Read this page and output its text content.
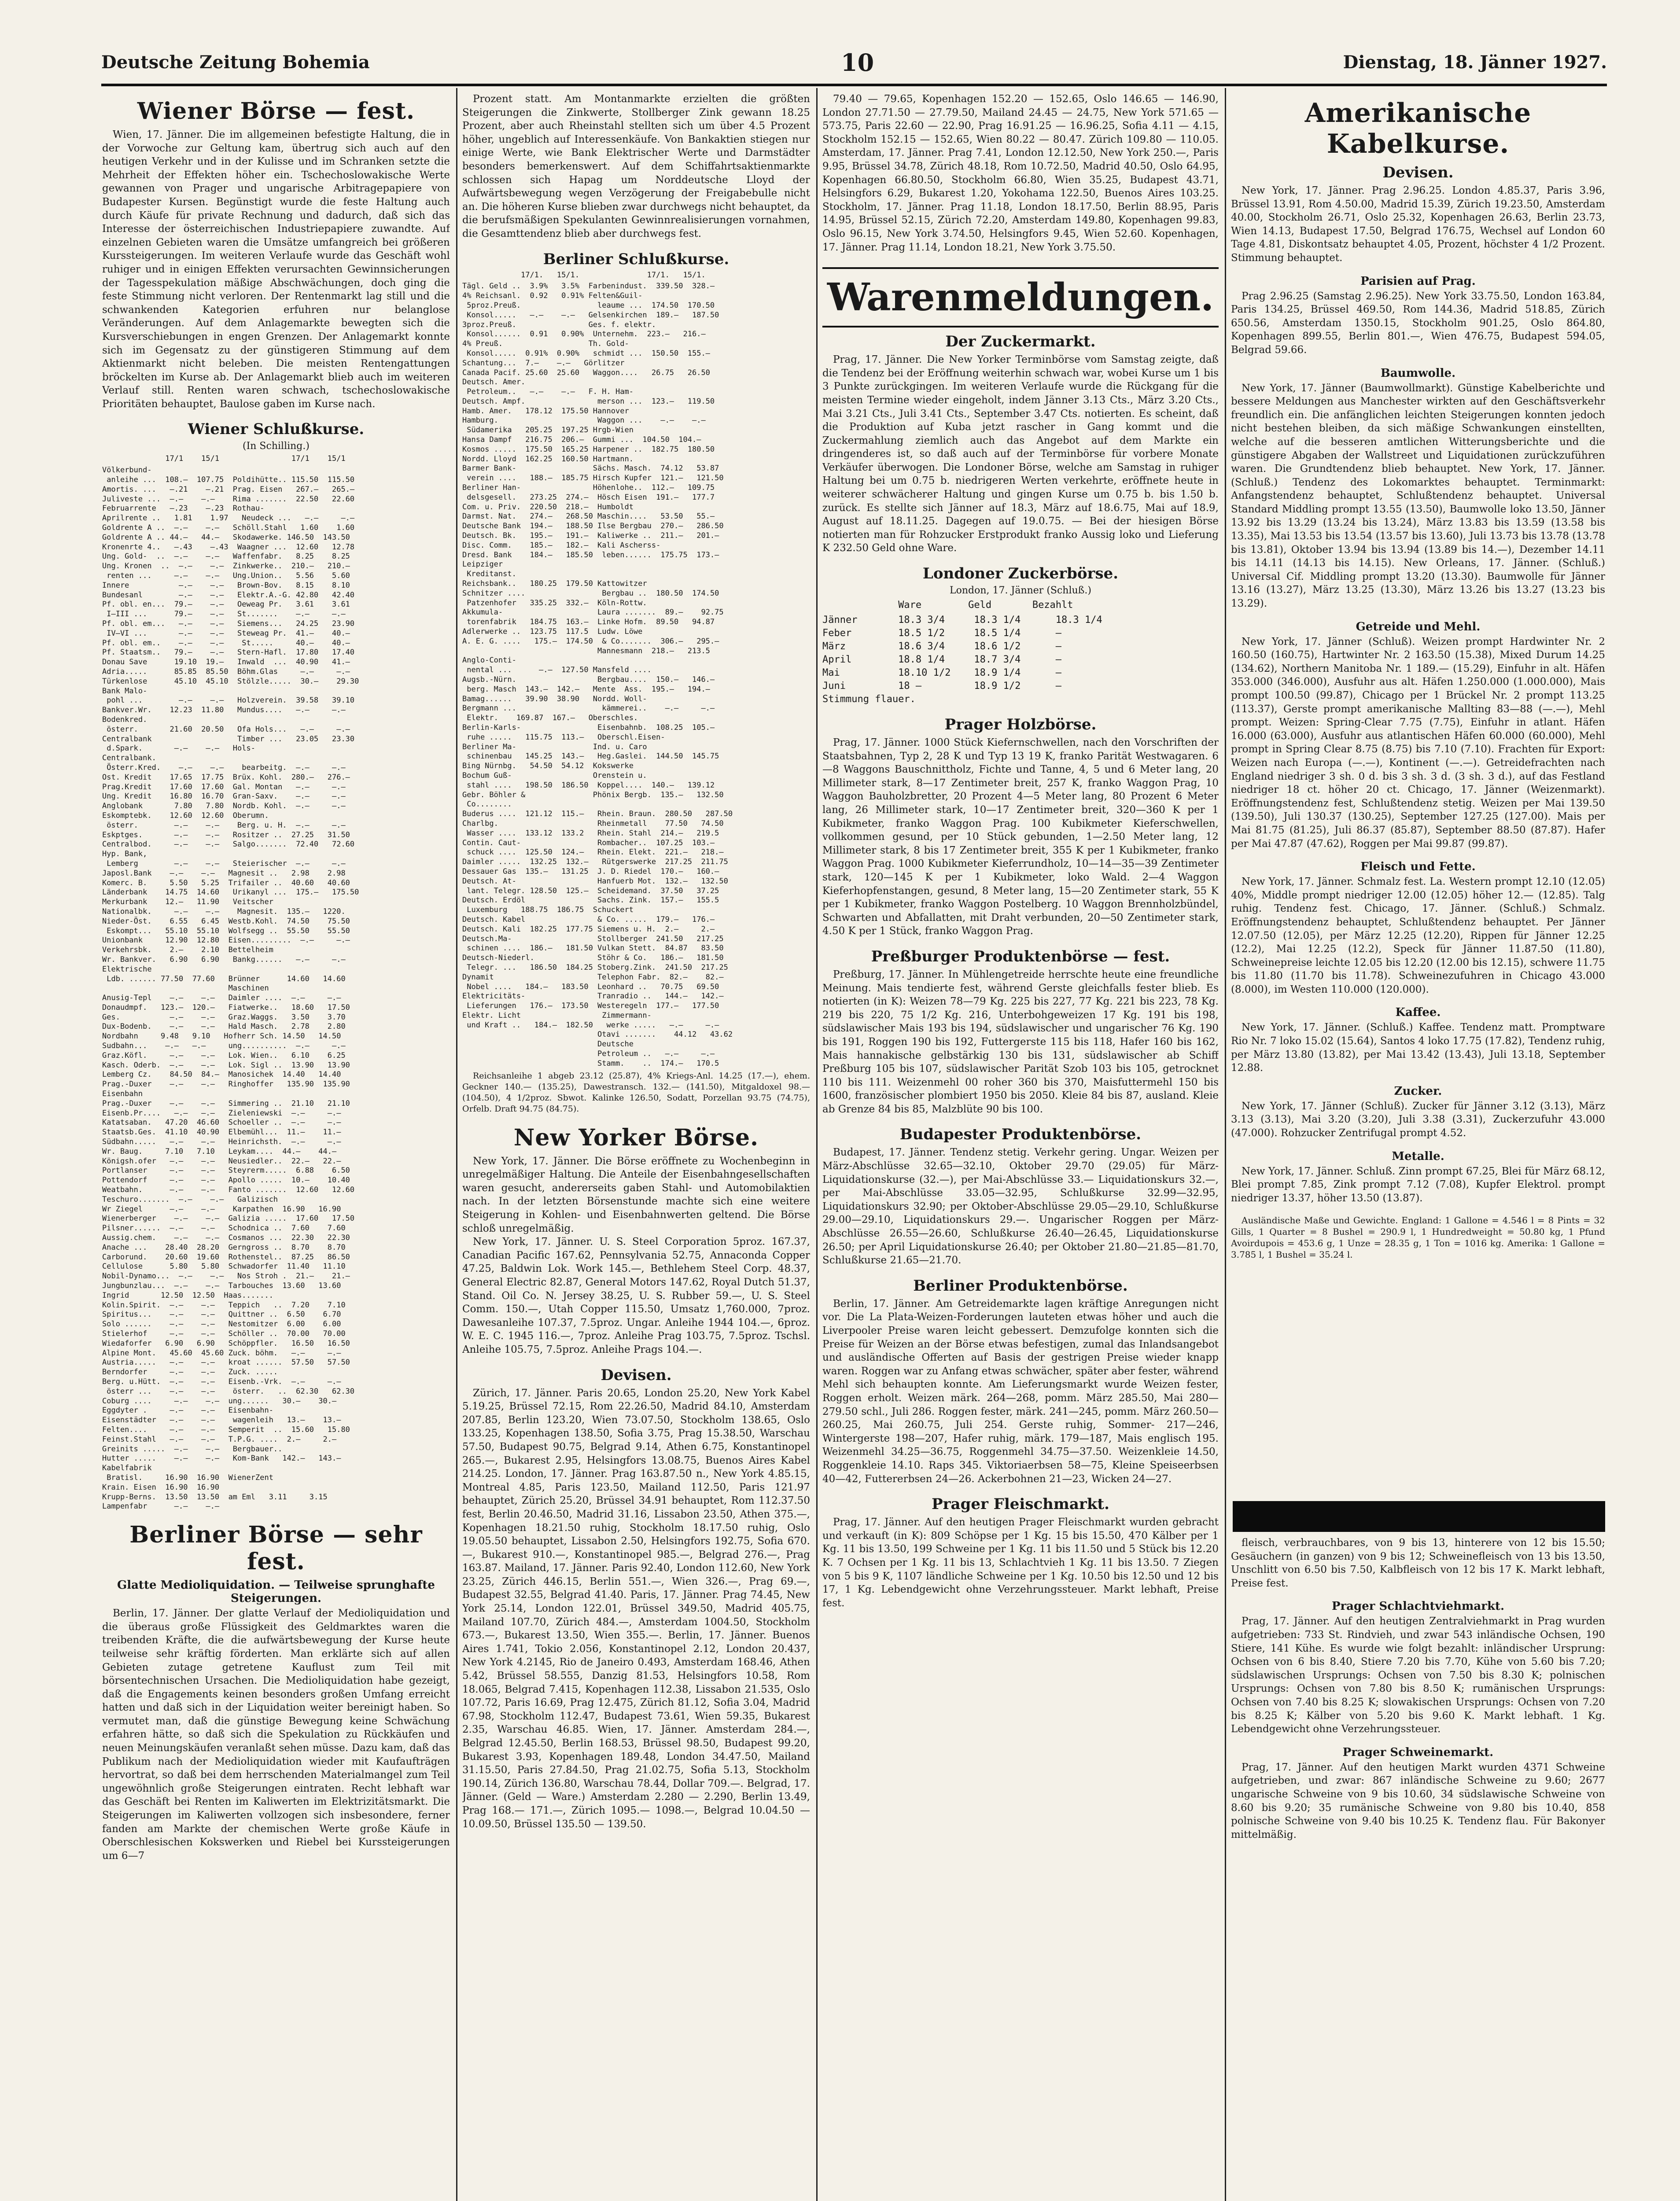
Deutsche Zeitung Bohemia	10	Dienstag, 18. Jänner 1927.
Wiener Börse — fest.

Wien, 17. Jänner. Die im allgemeinen befestigte Haltung, die in der Vorwoche zur Geltung kam, übertrug sich auch auf den heutigen Verkehr und in der Kulisse und im Schranken setzte die Mehrheit der Effekten höher ein. Tschechoslowakische Werte gewannen von Prager und ungarische Arbitragepapiere von Budapester Kursen. Begünstigt wurde die feste Haltung auch durch Käufe für private Rechnung und dadurch, daß sich das Interesse der österreichischen Industriepapiere zuwandte. Auf einzelnen Gebieten waren die Umsätze umfangreich bei größeren Kurssteigerungen. Im weiteren Verlaufe wurde das Geschäft wohl ruhiger und in einigen Effekten verursachten Gewinnsicherungen der Tagesspekulation mäßige Abschwächungen, doch ging die feste Stimmung nicht verloren. Der Rentenmarkt lag still und die schwankenden Kategorien erfuhren nur belanglose Veränderungen. Auf dem Anlagemarkte bewegten sich die Kursverschiebungen in engen Grenzen. Der Anlagemarkt konnte sich im Gegensatz zu der günstigeren Stimmung auf dem Aktienmarkt nicht beleben. Die meisten Rentengattungen bröckelten im Kurse ab. Der Anlagemarkt blieb auch im weiteren Verlauf still. Renten waren schwach, tschechoslowakische Prioritäten behauptet, Baulose gaben im Kurse nach.

Wiener Schlußkurse.
(In Schilling.)
17/1    15/1                17/1    15/1
Völkerbund-
anleihe ...  108.—  107.75  Poldihütte.. 115.50  115.50
Amortis. ...   —.21    —.21  Prag. Eisen   267.—   265.—
Juliveste ...  —.—    —.—    Rima .......  22.50   22.60
Februarrente   —.23    —.23  Rothau-
Aprilrente ..   1.81    1.97   Neudeck ...   —.—     —.—
Goldrente A ..  —.—    —.—   Schöll.Stahl   1.60    1.60
Goldrente A .. 44.—   44.—   Skodawerke. 146.50  143.50
Kronenrte 4..   —.43    —.43  Waagner ...  12.60   12.78
Ung. Gold-  ..  —.—    —.—   Waffenfabr.   8.25    8.25
Ung. Kronen  ..  —.—    —.—  Zinkwerke..  210.—   210.—
renten ...     —.—    —.—   Ung.Union..   5.56    5.60
Innere           —.—    —.—   Brown-Bov.   8.15    8.10
Bundesanl        —.—    —.—   Elektr.A.-G. 42.80   42.40
Pf. obl. en...  79.—    —.—   Oeweag Pr.   3.61    3.61
I—III ...      79.—    —.—   St.......    —.—     —.—
Pf. obl. em...   —.—    —.—   Siemens...   24.25   23.90
IV—VI ...       —.—    —.—   Steweag Pr.  41.—    40.—
Pf. obl. em..    —.—    —.—    St.....     40.—    40.—
Pf. Staatsm..   79.—    —.—   Stern-Hafl.  17.80   17.40
Donau Save      19.10  19.—   Inwald  ...  40.90   41.—
Adria.....      85.85  85.50  Böhm.Glas     —.—     —.—
Türkenlose      45.10  45.10  Stölzle.....  30.—    29.30
Bank Malo-
pohl ...        —.—    —.—   Holzverein.  39.58   39.10
Bankver.Wr.    12.23  11.80   Mundus....   —.—     —.—
Bodenkred.
österr.       21.60  20.50   Ofa Hols...   —.—     —.—
Centralbank                   Timber ...   23.05   23.30
d.Spark.       —.—    —.—   Hols-
Centralbank.
Österr.Kred.    —.—    —.—    bearbeitg.  —.—     —.—
Ost. Kredit    17.65  17.75  Brüx. Kohl.  280.—   276.—
Prag.Kredit    17.60  17.60  Gal. Montan   —.—     —.—
Ung. Kredit    16.80  16.70  Gran-Saxv.    —.—     —.—
Anglobank       7.80   7.80  Nordb. Kohl.  —.—     —.—
Eskomptebk.    12.60  12.60  Oberumn.
österr.        —.—    —.—    Berg. u. H.  —.—     —.—
Eskptges.       —.—    —.—   Rositzer ..  27.25   31.50
Centralbod.     —.—    —.—   Salgo.......  72.40   72.60
Hyp. Bank,
Lemberg        —.—    —.—   Steierischer  —.—     —.—
Japosl.Bank    —.—    —.—   Magnesit ..   2.98    2.98
Komerc. B.     5.50   5.25  Trifailer ..  40.60   40.60
Länderbank    14.75  14.60   Urikanyl ...  175.—   175.50
Merkurbank    12.—   11.90   Veitscher
Nationalbk.     —.—    —.—    Magnesit.  135.—   1220.
Nieder-Öst.    6.55   6.45  Westb.Kohl.  74.50    75.50
Eskompt...   55.10  55.10  Wolfsegg ..  55.50    55.50
Unionbank     12.90  12.80  Eisen.........  —.—     —.—
Verkehrsbk.    2.—    2.10  Bettelheim
Wr. Bankver.   6.90   6.90   Bankg......   —.—     —.—
Elektrische
Ldb. ...... 77.50  77.60   Brünner      14.60   14.60
Maschinen
Anusig-Tepl    —.—    —.—   Daimler ....  —.—     —.—
Donaudmpf.   123.—  120.—   Fiatwerke..   18.60   17.50
Ges.           —.—    —.—   Graz.Waggs.   3.50    3.70
Dux-Bodenb.    —.—    —.—   Hald Masch.   2.78    2.80
Nordbahn     9.48   9.10   Hofherr Sch. 14.50   14.50
Sudbahn...    —.—   —.—     ung..........  —.—     —.—
Graz.Köfl.     —.—    —.—   Lok. Wien..   6.10    6.25
Kasch. Oderb.  —.—    —.—   Lok. Sigl ..  13.90   13.90
Lemberg Cz.    84.50  84.—  Manosichek  14.40   14.40
Prag.-Duxer    —.—    —.—   Ringhoffer   135.90  135.90
Eisenbahn
Prag.-Duxer    —.—    —.—   Simmering ..  21.10   21.10
Eisenb.Pr....   —.—   —.—   Zieleniewski  —.—     —.—
Katatsaban.   47.20  46.60  Schoeller ..  —.—     —.—
Staatsb.Ges.  41.10  40.90  Elbemühl...  11.—    11.—
Südbahn.....   —.—    —.—   Heinrichsth.  —.—     —.—
Wr. Baug.     7.10   7.10   Leykam....  44.—    44.—
Königsh.ofer   —.—    —.—   Neusiedler..  22.—   22.—
Portlanser     —.—    —.—   Steyrerm.....  6.88    6.50
Pottendorf     —.—    —.—   Apollo .....  10.—    10.40
Weatbahn.      —.—    —.—   Fanto .......  12.60   12.60
Teschuro.......  —.—    —.—   Galizisch
Wr Ziegel      —.—    —.—    Karpathen  16.90   16.90
Wienerberger    —.—    —.—  Galizia .....  17.60   17.50
Pilsner......  —.—    —.—   Schodnica ..  7.60    7.60
Aussig.chem.    —.—    —.—  Cosmanos ...  22.30   22.30
Anache ...    28.40  28.20  Gerngross ..  8.70    8.70
Carborund.    20.60  19.60  Rothenstel..  87.25   86.50
Cellulose      5.80   5.80  Schwadorfer  11.40   11.10
Nobil-Dynamo...  —.—    —.—   Nos Stroh .  21.—    21.—
Jungbunzlau...  —.—    —.—  Tarbouches  13.60   13.60
Ingrid       12.50  12.50  Haas.......
Kolin.Spirit.  —.—    —.—   Teppich   ..  7.20    7.10
Spiritus...    —.—    —.—   Quittner ..  6.50    6.70
Solo ......    —.—    —.—   Nestomitzer  6.00    6.00
Stielerhof     —.—    —.—   Schöller ..  70.00   70.00
Wiedaforfer   6.90   6.90   Schöppfler.   16.50   16.50
Alpine Mont.   45.60  45.60 Zuck. böhm.   —.—     —.—
Austria.....   —.—    —.—   kroat ......  57.50   57.50
Berndorfer     —.—    —.—   Zuck. .....
Berg. u.Hütt.  —.—    —.—   Eisenb.-Vrk.  —.—     —.—
österr ...    —.—    —.—    österr.   ..  62.30   62.30
Coburg ....     —.—    —.—  ung......   30.—    30.—
Eggdyter .     —.—    —.—   Eisenbahn-
Eisenstädter   —.—    —.—    wagenleih   13.—    13.—
Felten....     —.—    —.—   Semperit  ..  15.60   15.80
Feinst.Stahl   —.—    —.—   T.P.G. ....  2.—     2.—
Greinits .....  —.—    —.—   Bergbauer..
Hutter .....    —.—    —.—   Kom-Bank   142.—   143.—
Kabelfabrik
Bratisl.     16.90  16.90  WienerZent
Krain. Eisen  16.90  16.90
Krupp-Berns.  13.50  13.50  am Eml   3.11     3.15
Lampenfabr      —.—    —.—
Berliner Börse — sehr fest.
Glatte Medioliquidation. — Teilweise sprunghafte Steigerungen.

Berlin, 17. Jänner. Der glatte Verlauf der Medioliquidation und die überaus große Flüssigkeit des Geldmarktes waren die treibenden Kräfte, die die aufwärtsbewegung der Kurse heute teilweise sehr kräftig förderten. Man erklärte sich auf allen Gebieten zutage getretene Kauflust zum Teil mit börsentechnischen Ursachen. Die Medioliquidation habe gezeigt, daß die Engagements keinen besonders großen Umfang erreicht hatten und daß sich in der Liquidation weiter bereinigt haben. So vermutet man, daß die günstige Bewegung keine Schwächung erfahren hätte, so daß sich die Spekulation zu Rückkäufen und neuen Meinungskäufen veranlaßt sehen müsse. Dazu kam, daß das Publikum nach der Medioliquidation wieder mit Kaufaufträgen hervortrat, so daß bei dem herrschenden Materialmangel zum Teil ungewöhnlich große Steigerungen eintraten. Recht lebhaft war das Geschäft bei Renten im Kaliwerten im Elektrizitätsmarkt. Die Steigerungen im Kaliwerten vollzogen sich insbesondere, ferner fanden am Markte der chemischen Werte große Käufe in Oberschlesischen Kokswerken und Riebel bei Kurssteigerungen um 6—7

Prozent statt. Am Montanmarkte erzielten die größten Steigerungen die Zinkwerte, Stollberger Zink gewann 18.25 Prozent, aber auch Rheinstahl stellten sich um über 4.5 Prozent höher, ungeblich auf Interessenkäufe. Von Bankaktien stiegen nur einige Werte, wie Bank Elektrischer Werte und Darmstädter besonders bemerkenswert. Auf dem Schiffahrtsaktienmarkte schlossen sich Hapag um Norddeutsche Lloyd der Aufwärtsbewegung wegen Verzögerung der Freigabebulle nicht an. Die höheren Kurse blieben zwar durchwegs nicht behauptet, da die berufsmäßigen Spekulanten Gewinnrealisierungen vornahmen, die Gesamttendenz blieb aber durchwegs fest.

Berliner Schlußkurse.
17/1.   15/1.               17/1.   15/1.
Tägl. Geld ..  3.9%   3.5%  Farbenindust.  339.50  328.—
4% Reichsanl.  0.92   0.91% Felten&Guil-
5proz.Preuß.                 leaume ...  174.50  170.50
Konsol.....   —.—    —.—   Gelsenkirchen  189.—   187.50
3proz.Preuß.                Ges. f. elektr.
Konsol......  0.91   0.90%  Unternehm.  223.—   216.—
4% Preuß.                   Th. Gold-
Konsol.....  0.91%  0.90%   schmidt ...  150.50  155.—
Schantung...  7.—    —.—   Görlitzer
Canada Pacif. 25.60  25.60   Waggon....   26.75   26.50
Deutsch. Amer.
Petroleum..   —.—    —.—   F. H. Ham-
Deutsch. Ampf.                merson ...  123.—   119.50
Hamb. Amer.   178.12  175.50 Hannover
Hamburg.                      Waggon ...    —.—    —.—
Südamerika   205.25  197.25 Hrgb-Wien
Hansa Dampf   216.75  206.—  Gummi ...  104.50  104.—
Kosmos .....  175.50  165.25 Harpener ..  182.75  180.50
Nordd. Lloyd  162.25  160.50 Hartmann.
Barmer Bank-                 Sächs. Masch.  74.12   53.87
verein ....   188.—  185.75 Hirsch Kupfer  121.—   121.50
Berliner Han-                Höhenlohe..  112.—   109.75
delsgesell.   273.25  274.—  Hösch Eisen  191.—   177.7
Com. u. Priv.  220.50  218.—  Humboldt
Darmst. Nat.   274.—   268.50 Maschin....   53.50   55.—
Deutsche Bank  194.—   188.50 Ilse Bergbau  270.—   286.50
Deutsch. Bk.   195.—   191.—  Kaliwerke ..  211.—   201.—
Disc. Comm.    185.—   182.—  Kali Ascherss-
Dresd. Bank    184.—   185.50  leben......  175.75  173.—
Leipziger
Kreditanst.
Reichsbank..   180.25  179.50 Kattowitzer
Schnitzer ....                 Bergbau ..  180.50  174.50
Patzenhofer   335.25  332.—  Köln-Rottw.
Akkumula-                     Laura .......  89.—    92.75
torenfabrik   184.75  163.—  Linke Hofm.  89.50   94.87
Adlerwerke ..  123.75  117.5  Ludw. Löwe
A. E. G. ....   175.—  174.50  & Co.......  306.—   295.—
Mannesmann  218.—   213.5
Anglo-Conti-
nental ...      —.—  127.50 Mansfeld ....
Augsb.-Nürn.                  Bergbau....  150.—   146.—
berg. Masch  143.—  142.—   Mente  Ass.  195.—   194.—
Bamag......   39.90  38.90   Nordd. Woll-
Bergmann ...                   kämmerei..    —.—     —.—
Elektr.    169.87  167.—   Oberschles.
Berlin-Karls-                 Eisenbahnb.  108.25  105.—
ruhe .....   115.75  113.—   Oberschl.Eisen-
Berliner Ma-                 Ind. u. Caro
schinenbau   145.25  143.—   Heg.Gaslei.  144.50  145.75
Bing Nürnbg.   54.50  54.12  Kokswerke
Bochum Guß-                  Orenstein u.
stahl ....   198.50  186.50  Koppel....  140.—   139.12
Gebr. Böhler &               Phönix Bergb.  135.—   132.50
Co........
Buderus ....  121.12  115.—   Rhein. Braun.  280.50   287.50
Charlbg.                      Rheinmetall    77.50   74.50
Wasser ....  133.12  133.2   Rhein. Stahl  214.—   219.5
Contin. Caut-                 Rombacher..  107.25  103.—
schuck ....  125.50  124.—   Rhein. Elekt.  221.—   218.—
Daimler .....  132.25  132.—   Rütgerswerke  217.25  211.75
Dessauer Gas  135.—   131.25  J. D. Riedel  170.—   160.—
Deutsch. At-                  Hanfuerb Mot.  132.—   132.50
lant. Telegr. 128.50  125.—  Scheidemand.  37.50   37.25
Deutsch. Erdöl                Sachs. Zink.  157.—   155.5
Luxemburg   188.75  186.75  Schuckert
Deutsch. Kabel                & Co. .....  179.—   176.—
Deutsch. Kali  182.25  177.75 Siemens u. H.  2.—     2.—
Deutsch.Ma-                   Stollberger  241.50   217.25
schinen ....  186.—   181.50 Vulkan Stett.  84.87   83.50
Deutsch-Niederl.              Stöhr & Co.   186.—   181.50
Telegr. ...   186.50  184.25 Stoberg.Zink.  241.50  217.25
Dynamit                       Telephon Fabr.  82.—    82.—
Nobel ....   184.—   183.50  Leonhard ..   70.75   69.50
Elektricitäts-                Tranradio ..   144.—   142.—
Lieferungen   176.—  173.50  Westeregeln  177.—   177.50
Elektr. Licht                  Zimmermann-
und Kraft ..   184.—  182.50   werke .....   —.—     —.—
Otavi .......    44.12   43.62
Deutsche
Petroleum ..   —.—     —.—
Stamm.    ..  174.—   170.5

Reichsanleihe 1 abgeb 23.12 (25.87), 4% Kriegs-Anl. 14.25 (17.—), ehem. Geckner 140.— (135.25), Dawestransch. 132.— (141.50), Mitgaldoxel 98.— (104.50), 4 1/2proz. Sbwot. Kalinke 126.50, Sodatt, Porzellan 93.75 (74.75), Orfelb. Draft 94.75 (84.75).

New Yorker Börse.

New York, 17. Jänner. Die Börse eröffnete zu Wochenbeginn in unregelmäßiger Haltung. Die Anteile der Eisenbahngesellschaften waren gesucht, andererseits gaben Stahl- und Automobilaktien nach. In der letzten Börsenstunde machte sich eine weitere Steigerung in Kohlen- und Eisenbahnwerten geltend. Die Börse schloß unregelmäßig.

New York, 17. Jänner. U. S. Steel Corporation 5proz. 167.37, Canadian Pacific 167.62, Pennsylvania 52.75, Annaconda Copper 47.25, Baldwin Lok. Work 145.—, Bethlehem Steel Corp. 48.37, General Electric 82.87, General Motors 147.62, Royal Dutch 51.37, Stand. Oil Co. N. Jersey 38.25, U. S. Rubber 59.—, U. S. Steel Comm. 150.—, Utah Copper 115.50, Umsatz 1,760.000, 7proz. Dawesanleihe 107.37, 7.5proz. Ungar. Anleihe 1944 104.—, 6proz. W. E. C. 1945 116.—, 7proz. Anleihe Prag 103.75, 7.5proz. Tschsl. Anleihe 105.75, 7.5proz. Anleihe Prags 104.—.

Devisen.

Zürich, 17. Jänner. Paris 20.65, London 25.20, New York Kabel 5.19.25, Brüssel 72.15, Rom 22.26.50, Madrid 84.10, Amsterdam 207.85, Berlin 123.20, Wien 73.07.50, Stockholm 138.65, Oslo 133.25, Kopenhagen 138.50, Sofia 3.75, Prag 15.38.50, Warschau 57.50, Budapest 90.75, Belgrad 9.14, Athen 6.75, Konstantinopel 265.—, Bukarest 2.95, Helsingfors 13.08.75, Buenos Aires Kabel 214.25. London, 17. Jänner. Prag 163.87.50 n., New York 4.85.15, Montreal 4.85, Paris 123.50, Mailand 112.50, Paris 121.97 behauptet, Zürich 25.20, Brüssel 34.91 behauptet, Rom 112.37.50 fest, Berlin 20.46.50, Madrid 31.16, Lissabon 23.50, Athen 375.—, Kopenhagen 18.21.50 ruhig, Stockholm 18.17.50 ruhig, Oslo 19.05.50 behauptet, Lissabon 2.50, Helsingfors 192.75, Sofia 670.—, Bukarest 910.—, Konstantinopel 985.—, Belgrad 276.—, Prag 163.87. Mailand, 17. Jänner. Paris 92.40, London 112.60, New York 23.25, Zürich 446.15, Berlin 551.—, Wien 326.—, Prag 69.—, Budapest 32.55, Belgrad 41.40. Paris, 17. Jänner. Prag 74.45, New York 25.14, London 122.01, Brüssel 349.50, Madrid 405.75, Mailand 107.70, Zürich 484.—, Amsterdam 1004.50, Stockholm 673.—, Bukarest 13.50, Wien 355.—. Berlin, 17. Jänner. Buenos Aires 1.741, Tokio 2.056, Konstantinopel 2.12, London 20.437, New York 4.2145, Rio de Janeiro 0.493, Amsterdam 168.46, Athen 5.42, Brüssel 58.555, Danzig 81.53, Helsingfors 10.58, Rom 18.065, Belgrad 7.415, Kopenhagen 112.38, Lissabon 21.535, Oslo 107.72, Paris 16.69, Prag 12.475, Zürich 81.12, Sofia 3.04, Madrid 67.98, Stockholm 112.47, Budapest 73.61, Wien 59.35, Bukarest 2.35, Warschau 46.85. Wien, 17. Jänner. Amsterdam 284.—, Belgrad 12.45.50, Berlin 168.53, Brüssel 98.50, Budapest 99.20, Bukarest 3.93, Kopenhagen 189.48, London 34.47.50, Mailand 31.15.50, Paris 27.84.50, Prag 21.02.75, Sofia 5.13, Stockholm 190.14, Zürich 136.80, Warschau 78.44, Dollar 709.—. Belgrad, 17. Jänner. (Geld — Ware.) Amsterdam 2.280 — 2.290, Berlin 13.49, Prag 168.— 171.—, Zürich 1095.— 1098.—, Belgrad 10.04.50 — 10.09.50, Brüssel 135.50 — 139.50.

79.40 — 79.65, Kopenhagen 152.20 — 152.65, Oslo 146.65 — 146.90, London 27.71.50 — 27.79.50, Mailand 24.45 — 24.75, New York 571.65 — 573.75, Paris 22.60 — 22.90, Prag 16.91.25 — 16.96.25, Sofia 4.11 — 4.15, Stockholm 152.15 — 152.65, Wien 80.22 — 80.47. Zürich 109.80 — 110.05. Amsterdam, 17. Jänner. Prag 7.41, London 12.12.50, New York 250.—, Paris 9.95, Brüssel 34.78, Zürich 48.18, Rom 10.72.50, Madrid 40.50, Oslo 64.95, Kopenhagen 66.80.50, Stockholm 66.80, Wien 35.25, Budapest 43.71, Helsingfors 6.29, Bukarest 1.20, Yokohama 122.50, Buenos Aires 103.25. Stockholm, 17. Jänner. Prag 11.18, London 18.17.50, Berlin 88.95, Paris 14.95, Brüssel 52.15, Zürich 72.20, Amsterdam 149.80, Kopenhagen 99.83, Oslo 96.15, New York 3.74.50, Helsingfors 9.45, Wien 52.60. Kopenhagen, 17. Jänner. Prag 11.14, London 18.21, New York 3.75.50.

Warenmeldungen.
Der Zuckermarkt.

Prag, 17. Jänner. Die New Yorker Terminbörse vom Samstag zeigte, daß die Tendenz bei der Eröffnung weiterhin schwach war, wobei Kurse um 1 bis 3 Punkte zurückgingen. Im weiteren Verlaufe wurde die Rückgang für die meisten Termine wieder eingeholt, indem Jänner 3.13 Cts., März 3.20 Cts., Mai 3.21 Cts., Juli 3.41 Cts., September 3.47 Cts. notierten. Es scheint, daß die Produktion auf Kuba jetzt rascher in Gang kommt und die Zuckermahlung ziemlich auch das Angebot auf dem Markte ein dringenderes ist, so daß auch auf der Terminbörse für vorbere Monate Verkäufer überwogen. Die Londoner Börse, welche am Samstag in ruhiger Haltung bei um 0.75 b. niedrigeren Werten verkehrte, eröffnete heute in weiterer schwächerer Haltung und gingen Kurse um 0.75 b. bis 1.50 b. zurück. Es stellte sich Jänner auf 18.3, März auf 18.6.75, Mai auf 18.9, August auf 18.11.25. Dagegen auf 19.0.75. — Bei der hiesigen Börse notierten man für Rohzucker Erstprodukt franko Aussig loko und Lieferung K 232.50 Geld ohne Ware.

Londoner Zuckerbörse.
London, 17. Jänner (Schluß.)
Ware        Geld       Bezahlt
Jänner       18.3 3/4     18.3 1/4      18.3 1/4
Feber        18.5 1/2     18.5 1/4      —
März         18.6 3/4     18.6 1/2      —
April        18.8 1/4     18.7 3/4      —
Mai          18.10 1/2    18.9 1/4      —
Juni         18 —         18.9 1/2      —
Stimmung flauer.
Prager Holzbörse.

Prag, 17. Jänner. 1000 Stück Kiefernschwellen, nach den Vorschriften der Staatsbahnen, Typ 2, 28 K und Typ 13 19 K, franko Parität Westwagaren. 6—8 Waggons Bauschnittholz, Fichte und Tanne, 4, 5 und 6 Meter lang, 20 Millimeter stark, 8—17 Zentimeter breit, 257 K, franko Waggon Prag, 10 Waggon Bauholzbretter, 20 Prozent 4—5 Meter lang, 80 Prozent 6 Meter lang, 26 Millimeter stark, 10—17 Zentimeter breit, 320—360 K per 1 Kubikmeter, franko Waggon Prag. 100 Kubikmeter Kieferschwellen, vollkommen gesund, per 10 Stück gebunden, 1—2.50 Meter lang, 12 Millimeter stark, 8 bis 17 Zentimeter breit, 355 K per 1 Kubikmeter, franko Waggon Prag. 1000 Kubikmeter Kieferrundholz, 10—14—35—39 Zentimeter stark, 120—145 K per 1 Kubikmeter, loko Wald. 2—4 Waggon Kieferhopfenstangen, gesund, 8 Meter lang, 15—20 Zentimeter stark, 55 K per 1 Kubikmeter, franko Waggon Postelberg. 10 Waggon Brennholzbündel, Schwarten und Abfallatten, mit Draht verbunden, 20—50 Zentimeter stark, 4.50 K per 1 Stück, franko Waggon Prag.

Preßburger Produktenbörse — fest.

Preßburg, 17. Jänner. In Mühlengetreide herrschte heute eine freundliche Meinung. Mais tendierte fest, während Gerste gleichfalls fester blieb. Es notierten (in K): Weizen 78—79 Kg. 225 bis 227, 77 Kg. 221 bis 223, 78 Kg. 219 bis 220, 75 1/2 Kg. 216, Unterbohgeweizen 17 Kg. 191 bis 198, südslawischer Mais 193 bis 194, südslawischer und ungarischer 76 Kg. 190 bis 191, Roggen 190 bis 192, Futtergerste 115 bis 118, Hafer 160 bis 162, Mais hannakische gelbstärkig 130 bis 131, südslawischer ab Schiff Preßburg 105 bis 107, südslawischer Parität Szob 103 bis 105, getrocknet 110 bis 111. Weizenmehl 00 roher 360 bis 370, Maisfuttermehl 150 bis 1600, französischer plombiert 1950 bis 2050. Kleie 84 bis 87, ausland. Kleie ab Grenze 84 bis 85, Malzblüte 90 bis 100.

Budapester Produktenbörse.

Budapest, 17. Jänner. Tendenz stetig. Verkehr gering. Ungar. Weizen per März-Abschlüsse 32.65—32.10, Oktober 29.70 (29.05) für März-Liquidationskurse (32.—), per Mai-Abschlüsse 33.— Liquidationskurs 32.—, per Mai-Abschlüsse 33.05—32.95, Schlußkurse 32.99—32.95, Liquidationskurs 32.90; per Oktober-Abschlüsse 29.05—29.10, Schlußkurse 29.00—29.10, Liquidationskurs 29.—. Ungarischer Roggen per März-Abschlüsse 26.55—26.60, Schlußkurse 26.40—26.45, Liquidationskurse 26.50; per April Liquidationskurse 26.40; per Oktober 21.80—21.85—81.70, Schlußkurse 21.65—21.70.

Berliner Produktenbörse.

Berlin, 17. Jänner. Am Getreidemarkte lagen kräftige Anregungen nicht vor. Die La Plata-Weizen-Forderungen lauteten etwas höher und auch die Liverpooler Preise waren leicht gebessert. Demzufolge konnten sich die Preise für Weizen an der Börse etwas befestigen, zumal das Inlandsangebot und ausländische Offerten auf Basis der gestrigen Preise wieder knapp waren. Roggen war zu Anfang etwas schwächer, später aber fester, während Mehl sich behaupten konnte. Am Lieferungsmarkt wurde Weizen fester, Roggen erholt. Weizen märk. 264—268, pomm. März 285.50, Mai 280—279.50 schl., Juli 286. Roggen fester, märk. 241—245, pomm. März 260.50—260.25, Mai 260.75, Juli 254. Gerste ruhig, Sommer- 217—246, Wintergerste 198—207, Hafer ruhig, märk. 179—187, Mais englisch 195. Weizenmehl 34.25—36.75, Roggenmehl 34.75—37.50. Weizenkleie 14.50, Roggenkleie 14.10. Raps 345. Viktoriaerbsen 58—75, Kleine Speiseerbsen 40—42, Futtererbsen 24—26. Ackerbohnen 21—23, Wicken 24—27.

Prager Fleischmarkt.

Prag, 17. Jänner. Auf den heutigen Prager Fleischmarkt wurden gebracht und verkauft (in K): 809 Schöpse per 1 Kg. 15 bis 15.50, 470 Kälber per 1 Kg. 11 bis 13.50, 199 Schweine per 1 Kg. 11 bis 11.50 und 5 Stück bis 12.20 K. 7 Ochsen per 1 Kg. 11 bis 13, Schlachtvieh 1 Kg. 11 bis 13.50. 7 Ziegen von 5 bis 9 K, 1107 ländliche Schweine per 1 Kg. 10.50 bis 12.50 und 12 bis 17, 1 Kg. Lebendgewicht ohne Verzehrungssteuer. Markt lebhaft, Preise fest.

Amerikanische Kabelkurse.
Devisen.

New York, 17. Jänner. Prag 2.96.25. London 4.85.37, Paris 3.96, Brüssel 13.91, Rom 4.50.00, Madrid 15.39, Zürich 19.23.50, Amsterdam 40.00, Stockholm 26.71, Oslo 25.32, Kopenhagen 26.63, Berlin 23.73, Wien 14.13, Budapest 17.50, Belgrad 176.75, Wechsel auf London 60 Tage 4.81, Diskontsatz behauptet 4.05, Prozent, höchster 4 1/2 Prozent. Stimmung behauptet.

Parisien auf Prag.

Prag 2.96.25 (Samstag 2.96.25). New York 33.75.50, London 163.84, Paris 134.25, Brüssel 469.50, Rom 144.36, Madrid 518.85, Zürich 650.56, Amsterdam 1350.15, Stockholm 901.25, Oslo 864.80, Kopenhagen 899.55, Berlin 801.—, Wien 476.75, Budapest 594.05, Belgrad 59.66.

Baumwolle.

New York, 17. Jänner (Baumwollmarkt). Günstige Kabelberichte und bessere Meldungen aus Manchester wirkten auf den Geschäftsverkehr freundlich ein. Die anfänglichen leichten Steigerungen konnten jedoch nicht bestehen bleiben, da sich mäßige Schwankungen einstellten, welche auf die besseren amtlichen Witterungsberichte und die günstigere Abgaben der Wallstreet und Liquidationen zurückzuführen waren. Die Grundtendenz blieb behauptet. New York, 17. Jänner. (Schluß.) Tendenz des Lokomarktes behauptet. Terminmarkt: Anfangstendenz behauptet, Schlußtendenz behauptet. Universal Standard Middling prompt 13.55 (13.50), Baumwolle loko 13.50, Jänner 13.92 bis 13.29 (13.24 bis 13.24), März 13.83 bis 13.59 (13.58 bis 13.35), Mai 13.53 bis 13.54 (13.57 bis 13.60), Juli 13.73 bis 13.78 (13.78 bis 13.81), Oktober 13.94 bis 13.94 (13.89 bis 14.—), Dezember 14.11 bis 14.11 (14.13 bis 14.15). New Orleans, 17. Jänner. (Schluß.) Universal Cif. Middling prompt 13.20 (13.30). Baumwolle für Jänner 13.16 (13.27), März 13.25 (13.30), März 13.26 bis 13.27 (13.23 bis 13.29).

Getreide und Mehl.

New York, 17. Jänner (Schluß). Weizen prompt Hardwinter Nr. 2 160.50 (160.75), Hartwinter Nr. 2 163.50 (15.38), Mixed Durum 14.25 (134.62), Northern Manitoba Nr. 1 189.— (15.29), Einfuhr in alt. Häfen 353.000 (346.000), Ausfuhr aus alt. Häfen 1.250.000 (1.000.000), Mais prompt 100.50 (99.87), Chicago per 1 Brückel Nr. 2 prompt 113.25 (113.37), Gerste prompt amerikanische Mallting 83—88 (—.—), Mehl prompt. Weizen: Spring-Clear 7.75 (7.75), Einfuhr in atlant. Häfen 16.000 (63.000), Ausfuhr aus atlantischen Häfen 60.000 (60.000), Mehl prompt in Spring Clear 8.75 (8.75) bis 7.10 (7.10). Frachten für Export: Weizen nach Europa (—.—), Kontinent (—.—). Getreidefrachten nach England niedriger 3 sh. 0 d. bis 3 sh. 3 d. (3 sh. 3 d.), auf das Festland niedriger 18 ct. höher 20 ct. Chicago, 17. Jänner (Weizenmarkt). Eröffnungstendenz fest, Schlußtendenz stetig. Weizen per Mai 139.50 (139.50), Juli 130.37 (130.25), September 127.25 (127.00). Mais per Mai 81.75 (81.25), Juli 86.37 (85.87), September 88.50 (87.87). Hafer per Mai 47.87 (47.62), Roggen per Mai 99.87 (99.87).

Fleisch und Fette.

New York, 17. Jänner. Schmalz fest. La. Western prompt 12.10 (12.05) 40%, Middle prompt niedriger 12.00 (12.05) höher 12.— (12.85). Talg ruhig. Tendenz fest. Chicago, 17. Jänner. (Schluß.) Schmalz. Eröffnungstendenz behauptet, Schlußtendenz behauptet. Per Jänner 12.07.50 (12.05), per März 12.25 (12.20), Rippen für Jänner 12.25 (12.2), Mai 12.25 (12.2), Speck für Jänner 11.87.50 (11.80), Schweinepreise leichte 12.05 bis 12.20 (12.00 bis 12.15), schwere 11.75 bis 11.80 (11.70 bis 11.78). Schweinezufuhren in Chicago 43.000 (8.000), im Westen 110.000 (120.000).

Kaffee.

New York, 17. Jänner. (Schluß.) Kaffee. Tendenz matt. Promptware Rio Nr. 7 loko 15.02 (15.64), Santos 4 loko 17.75 (17.82), Tendenz ruhig, per März 13.80 (13.82), per Mai 13.42 (13.43), Juli 13.18, September 12.88.

Zucker.

New York, 17. Jänner (Schluß). Zucker für Jänner 3.12 (3.13), März 3.13 (3.13), Mai 3.20 (3.20), Juli 3.38 (3.31), Zuckerzufuhr 43.000 (47.000). Rohzucker Zentrifugal prompt 4.52.

Metalle.

New York, 17. Jänner. Schluß. Zinn prompt 67.25, Blei für März 68.12, Blei prompt 7.85, Zink prompt 7.12 (7.08), Kupfer Elektrol. prompt niedriger 13.37, höher 13.50 (13.87).

Ausländische Maße und Gewichte. England: 1 Gallone = 4.546 l = 8 Pints = 32 Gills, 1 Quarter = 8 Bushel = 290.9 l, 1 Hundredweight = 50.80 kg, 1 Pfund Avoirdupois = 453.6 g, 1 Unze = 28.35 g, 1 Ton = 1016 kg. Amerika: 1 Gallone = 3.785 l, 1 Bushel = 35.24 l.

fleisch, verbrauchbares, von 9 bis 13, hinterere von 12 bis 15.50; Gesäuchern (in ganzen) von 9 bis 12; Schweinefleisch von 13 bis 13.50, Unschlitt von 6.50 bis 7.50, Kalbfleisch von 12 bis 17 K. Markt lebhaft, Preise fest.

Prager Schlachtviehmarkt.

Prag, 17. Jänner. Auf den heutigen Zentralviehmarkt in Prag wurden aufgetrieben: 733 St. Rindvieh, und zwar 543 inländische Ochsen, 190 Stiere, 141 Kühe. Es wurde wie folgt bezahlt: inländischer Ursprung: Ochsen von 6 bis 8.40, Stiere 7.20 bis 7.70, Kühe von 5.60 bis 7.20; südslawischen Ursprungs: Ochsen von 7.50 bis 8.30 K; polnischen Ursprungs: Ochsen von 7.80 bis 8.50 K; rumänischen Ursprungs: Ochsen von 7.40 bis 8.25 K; slowakischen Ursprungs: Ochsen von 7.20 bis 8.25 K; Kälber von 5.20 bis 9.60 K. Markt lebhaft. 1 Kg. Lebendgewicht ohne Verzehrungssteuer.

Prager Schweinemarkt.

Prag, 17. Jänner. Auf den heutigen Markt wurden 4371 Schweine aufgetrieben, und zwar: 867 inländische Schweine zu 9.60; 2677 ungarische Schweine von 9 bis 10.60, 34 südslawische Schweine von 8.60 bis 9.20; 35 rumänische Schweine von 9.80 bis 10.40, 858 polnische Schweine von 9.40 bis 10.25 K. Tendenz flau. Für Bakonyer mittelmäßig.
